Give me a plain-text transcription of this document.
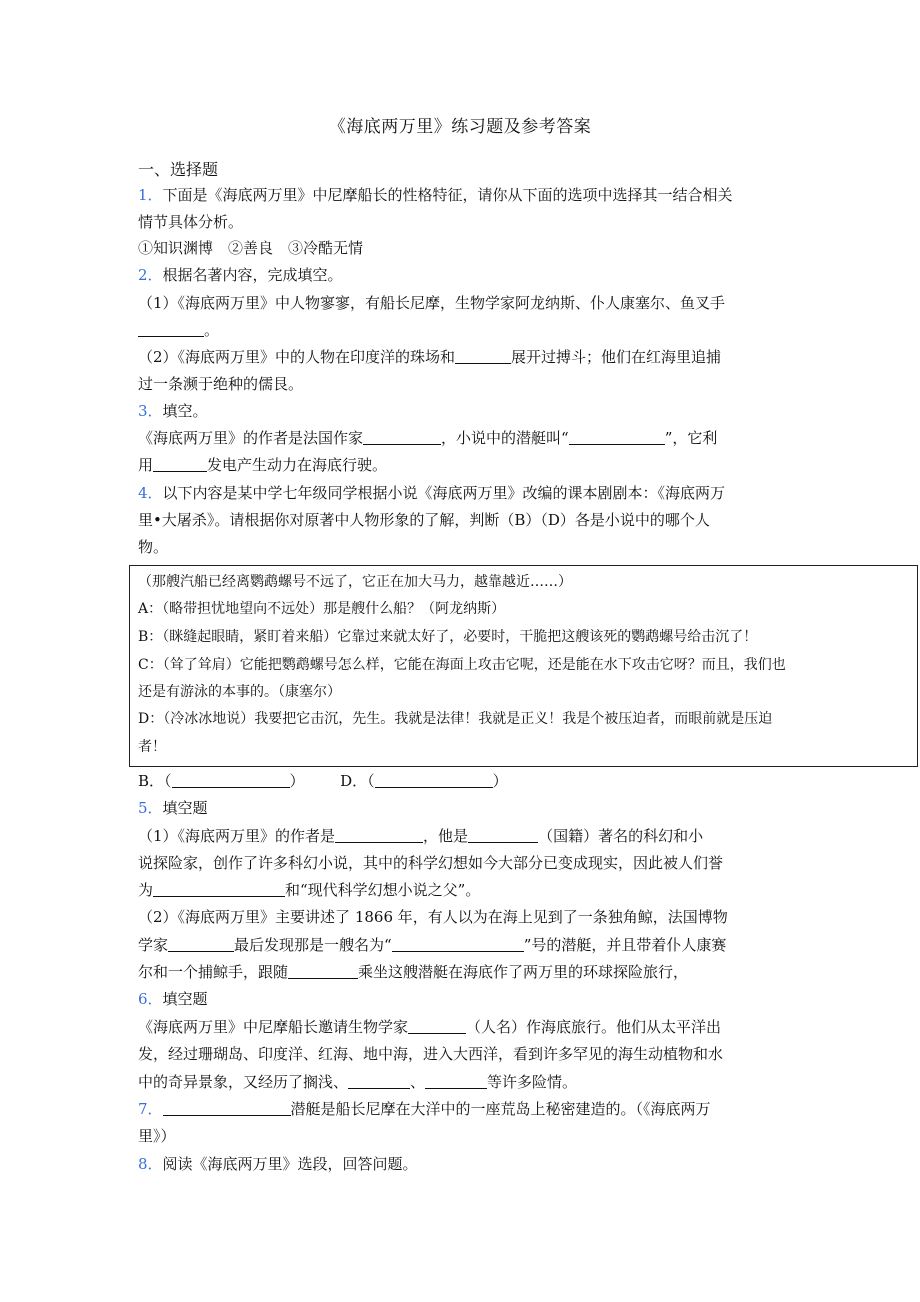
《海底两万里》练习题及参考答案
一、选择题
1．下面是《海底两万里》中尼摩船长的性格特征，请你从下面的选项中选择其一结合相关
情节具体分析。
①知识渊博　②善良　③冷酷无情
2．根据名著内容，完成填空。
（1）《海底两万里》中人物寥寥，有船长尼摩，生物学家阿龙纳斯、仆人康塞尔、鱼叉手
。
（2）《海底两万里》中的人物在印度洋的珠场和	展开过搏斗；他们在红海里追捕
过一条濒于绝种的儒艮。
3．填空。
《海底两万里》的作者是法国作家	，小说中的潜艇叫“	”，它利
用	发电产生动力在海底行驶。
4．以下内容是某中学七年级同学根据小说《海底两万里》改编的课本剧剧本：《海底两万
里•大屠杀》。请根据你对原著中人物形象的了解，判断（B）（D）各是小说中的哪个人
物。
（那艘汽船已经离鹦鹉螺号不远了，它正在加大马力，越靠越近……）
A：（略带担忧地望向不远处）那是艘什么船？（阿龙纳斯）
B：（眯缝起眼睛，紧盯着来船）它靠过来就太好了，必要时，干脆把这艘该死的鹦鹉螺号给击沉了！
C：（耸了耸肩）它能把鹦鹉螺号怎么样，它能在海面上攻击它呢，还是能在水下攻击它呀？而且，我们也
还是有游泳的本事的。（康塞尔）
D：（冷冰冰地说）我要把它击沉，先生。我就是法律！我就是正义！我是个被压迫者，而眼前就是压迫
者！
B．（	） D．（	）
5．填空题
（1）《海底两万里》的作者是	，他是	（国籍）著名的科幻和小
说探险家，创作了许多科幻小说，其中的科学幻想如今大部分已变成现实，因此被人们誉
为	和“现代科学幻想小说之父”。
（2）《海底两万里》主要讲述了 1866 年，有人以为在海上见到了一条独角鲸，法国博物
学家	最后发现那是一艘名为“	”号的潜艇，并且带着仆人康赛
尔和一个捕鲸手，跟随	乘坐这艘潜艇在海底作了两万里的环球探险旅行，
6．填空题
《海底两万里》中尼摩船长邀请生物学家	（人名）作海底旅行。他们从太平洋出
发，经过珊瑚岛、印度洋、红海、地中海，进入大西洋，看到许多罕见的海生动植物和水
中的奇异景象，又经历了搁浅、	、	等许多险情。
7．	潜艇是船长尼摩在大洋中的一座荒岛上秘密建造的。（《海底两万
里》）
8．阅读《海底两万里》选段，回答问题。
